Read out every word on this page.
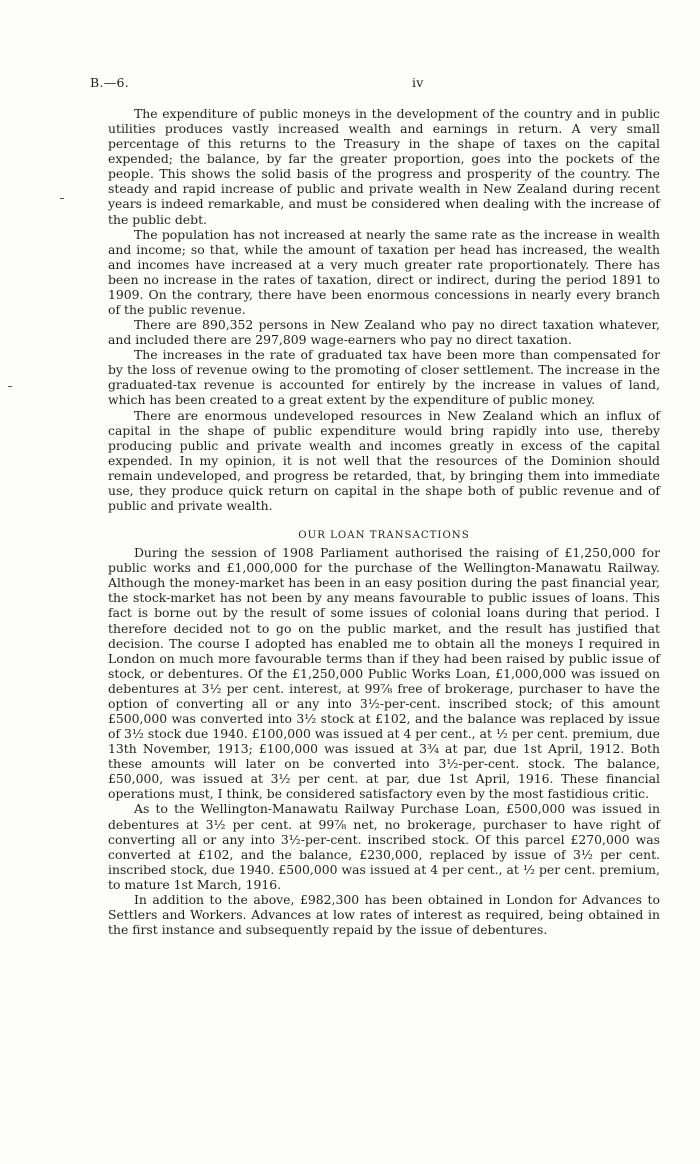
B.—6.	iv

The expenditure of public moneys in the development of the country and in public utilities produces vastly increased wealth and earnings in return. A very small percentage of this returns to the Treasury in the shape of taxes on the capital expended; the balance, by far the greater proportion, goes into the pockets of the people. This shows the solid basis of the progress and prosperity of the country. The steady and rapid increase of public and private wealth in New Zealand during recent years is indeed remarkable, and must be considered when dealing with the increase of the public debt.

The population has not increased at nearly the same rate as the increase in wealth and income; so that, while the amount of taxation per head has increased, the wealth and incomes have increased at a very much greater rate proportionately. There has been no increase in the rates of taxation, direct or indirect, during the period 1891 to 1909. On the contrary, there have been enormous concessions in nearly every branch of the public revenue.

There are 890,352 persons in New Zealand who pay no direct taxation whatever, and included there are 297,809 wage-earners who pay no direct taxation.

The increases in the rate of graduated tax have been more than compensated for by the loss of revenue owing to the promoting of closer settlement. The increase in the graduated-tax revenue is accounted for entirely by the increase in values of land, which has been created to a great extent by the expenditure of public money.

There are enormous undeveloped resources in New Zealand which an influx of capital in the shape of public expenditure would bring rapidly into use, thereby producing public and private wealth and incomes greatly in excess of the capital expended. In my opinion, it is not well that the resources of the Dominion should remain undeveloped, and progress be retarded, that, by bringing them into immediate use, they produce quick return on capital in the shape both of public revenue and of public and private wealth.

OUR LOAN TRANSACTIONS

During the session of 1908 Parliament authorised the raising of £1,250,000 for public works and £1,000,000 for the purchase of the Wellington-Manawatu Railway. Although the money-market has been in an easy position during the past financial year, the stock-market has not been by any means favourable to public issues of loans. This fact is borne out by the result of some issues of colonial loans during that period. I therefore decided not to go on the public market, and the result has justified that decision. The course I adopted has enabled me to obtain all the moneys I required in London on much more favourable terms than if they had been raised by public issue of stock, or debentures. Of the £1,250,000 Public Works Loan, £1,000,000 was issued on debentures at 3½ per cent. interest, at 99⅞ free of brokerage, purchaser to have the option of converting all or any into 3½-per-cent. inscribed stock; of this amount £500,000 was converted into 3½ stock at £102, and the balance was replaced by issue of 3½ stock due 1940. £100,000 was issued at 4 per cent., at ½ per cent. premium, due 13th November, 1913; £100,000 was issued at 3¾ at par, due 1st April, 1912. Both these amounts will later on be converted into 3½-per-cent. stock. The balance, £50,000, was issued at 3½ per cent. at par, due 1st April, 1916. These financial operations must, I think, be considered satisfactory even by the most fastidious critic.

As to the Wellington-Manawatu Railway Purchase Loan, £500,000 was issued in debentures at 3½ per cent. at 99⅞ net, no brokerage, purchaser to have right of converting all or any into 3½-per-cent. inscribed stock. Of this parcel £270,000 was converted at £102, and the balance, £230,000, replaced by issue of 3½ per cent. inscribed stock, due 1940. £500,000 was issued at 4 per cent., at ½ per cent. premium, to mature 1st March, 1916.

In addition to the above, £982,300 has been obtained in London for Advances to Settlers and Workers. Advances at low rates of interest as required, being obtained in the first instance and subsequently repaid by the issue of debentures.
